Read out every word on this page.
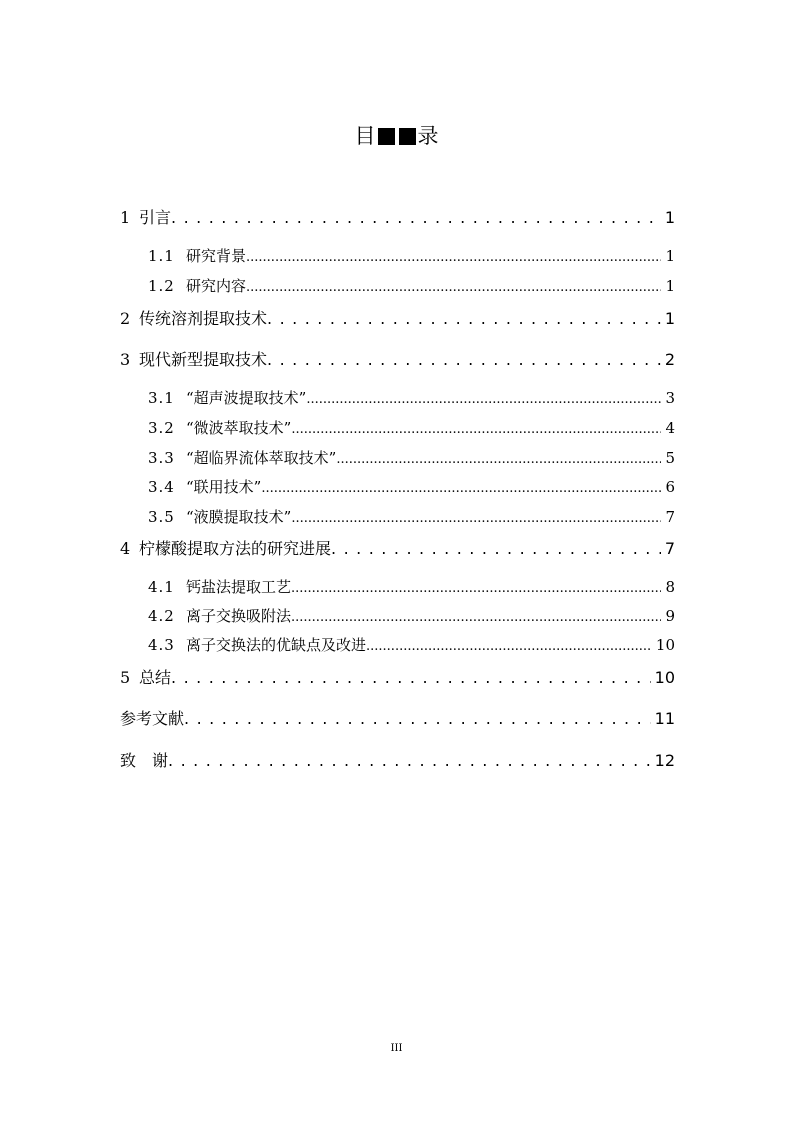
目 录
1 引言 . . .	1
1.1 研究背景 .....	1
1.2 研究内容 .....	1
2 传统溶剂提取技术 . . .	1
3 现代新型提取技术 . . .	2
3.1 “超声波提取技术” .....	3
3.2 “微波萃取技术” .....	4
3.3 “超临界流体萃取技术” .....	5
3.4 “联用技术” .....	6
3.5 “液膜提取技术” .....	7
4 柠檬酸提取方法的研究进展 . . .	7
4.1 钙盐法提取工艺 .....	8
4.2 离子交换吸附法 .....	9
4.3 离子交换法的优缺点及改进 .....	10
5 总结 . . .	10
参考文献 . . .	11
致　谢 . . .	12
III
